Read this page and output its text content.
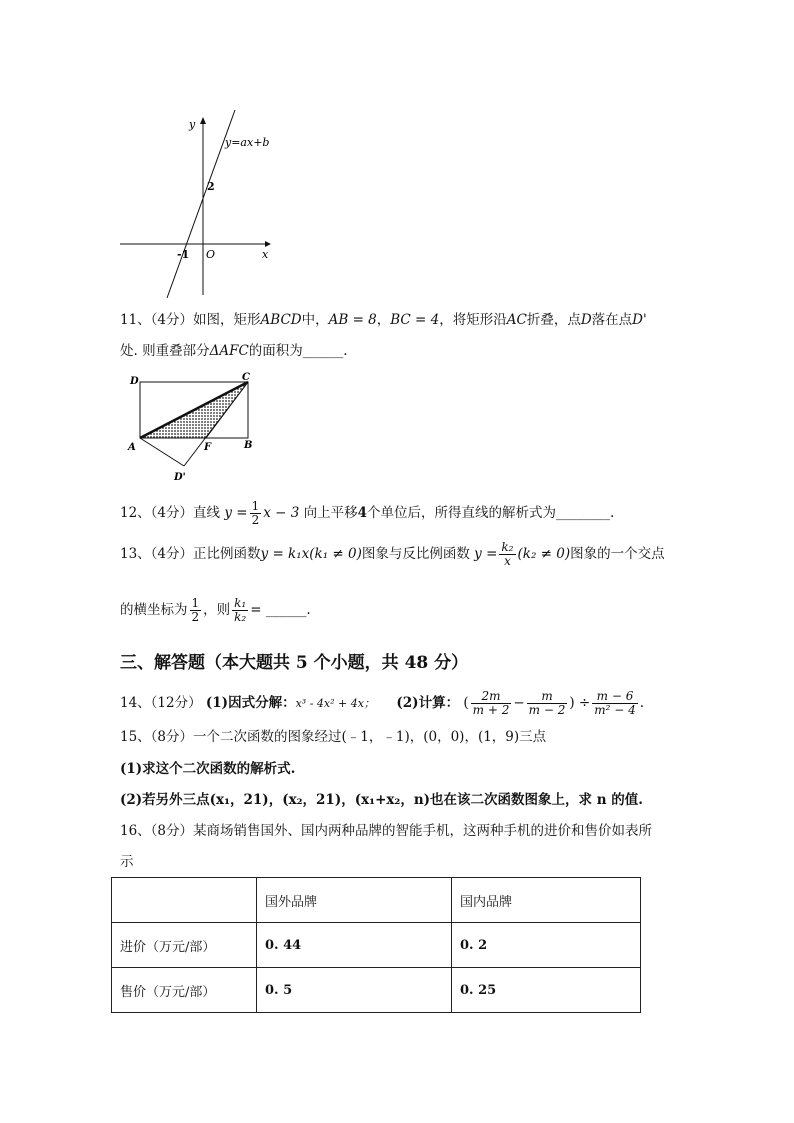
y
y=ax+b
2
-1 O	x
11、（4分）如图，矩形ABCD中，AB = 8，BC = 4，将矩形沿AC折叠，点D落在点D'
处. 则重叠部分ΔAFC的面积为______.
D	C
A	F	B
D'
12、（4分）直线 $y = \frac{1}{2}$ x − 3 向上平移4个单位后，所得直线的解析式为________.
13、（4分）正比例函数y = k₁x(k₁ ≠ 0)图象与反比例函数 $y = \frac{\text{k₂}}{x} (k_2 \ne 0)$图象的一个交点
的横坐标为 $\frac{1}{2}$ ，则 $\frac{\text{k₁}}{\text{k₂}}$ = ______.
三、解答题（本大题共 5 个小题，共 48 分）
14、（12分） (1)因式分解：x³ - 4x² + 4x； (2)计算： ( $\frac{2m}{m + 2} - \frac{m}{m - 2}$ ) ÷ $\frac{m - 6}{\text{m² − 4}}$ .
15、（8分）一个二次函数的图象经过(﹣1，﹣1)，(0，0)，(1，9)三点
(1)求这个二次函数的解析式.
(2)若另外三点(x₁，21)，(x₂，21)，(x₁+x₂，n)也在该二次函数图象上，求 n 的值.
16、（8分）某商场销售国外、国内两种品牌的智能手机，这两种手机的进价和售价如表所
示
	国外品牌	国内品牌
进价（万元/部）	0. 44	0. 2
售价（万元/部）	0. 5	0. 25
